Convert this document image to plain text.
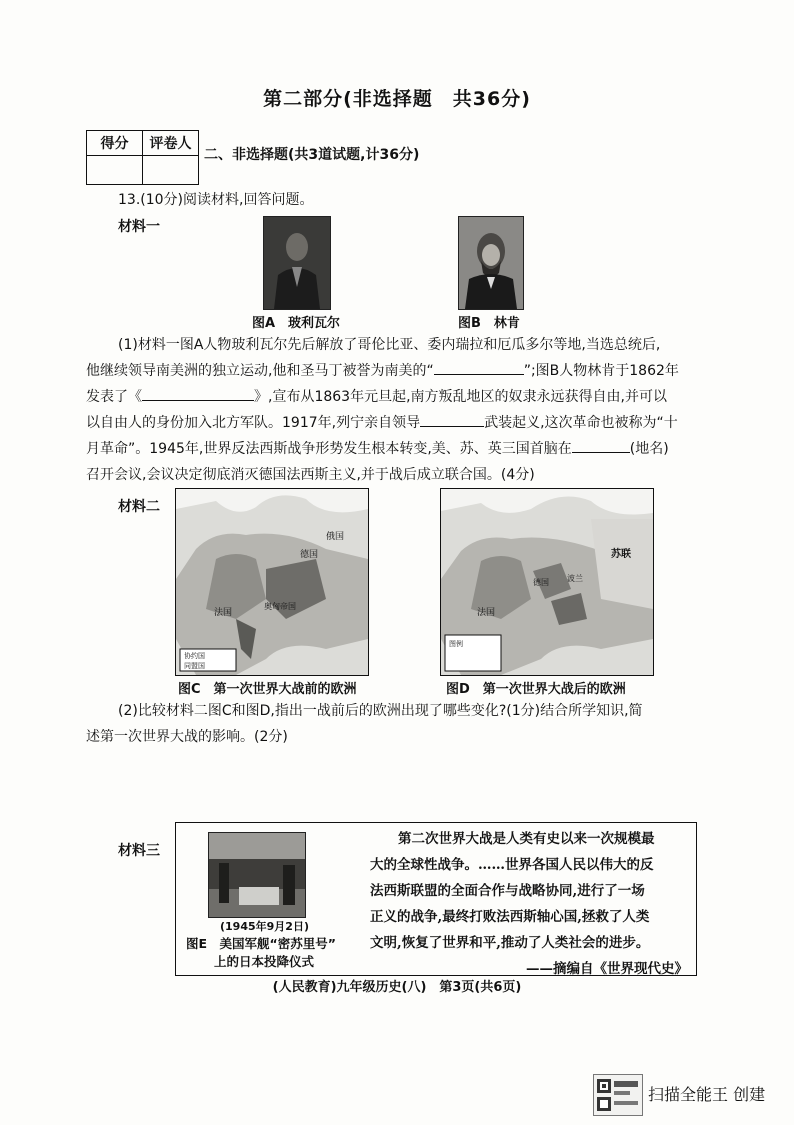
第二部分(非选择题　共36分)
得分	评卷人

二、非选择题(共3道试题,计36分)
13.(10分)阅读材料,回答问题。
材料一
图A　玻利瓦尔	图B　林肯
(1)材料一图A人物玻利瓦尔先后解放了哥伦比亚、委内瑞拉和厄瓜多尔等地,当选总统后,
他继续领导南美洲的独立运动,他和圣马丁被誉为南美的“	”;图B人物林肯于1862年
发表了《	》,宣布从1863年元旦起,南方叛乱地区的奴隶永远获得自由,并可以
以自由人的身份加入北方军队。1917年,列宁亲自领导	武装起义,这次革命也被称为“十
月革命”。1945年,世界反法西斯战争形势发生根本转变,美、苏、英三国首脑在	(地名)
召开会议,会议决定彻底消灭德国法西斯主义,并于战后成立联合国。(4分)
材料二
德国
法国
奥匈帝国
俄国
协约国
同盟国
苏联
法国
德国 波兰
图例
图C　第一次世界大战前的欧洲	图D　第一次世界大战后的欧洲
(2)比较材料二图C和图D,指出一战前后的欧洲出现了哪些变化?(1分)结合所学知识,简
述第一次世界大战的影响。(2分)
材料三
(1945年9月2日)
图E　美国军舰“密苏里号”
上的日本投降仪式
第二次世界大战是人类有史以来一次规模最
大的全球性战争。……世界各国人民以伟大的反
法西斯联盟的全面合作与战略协同,进行了一场
正义的战争,最终打败法西斯轴心国,拯救了人类
文明,恢复了世界和平,推动了人类社会的进步。
——摘编自《世界现代史》
(人民教育)九年级历史(八)　第3页(共6页)
扫描全能王 创建
